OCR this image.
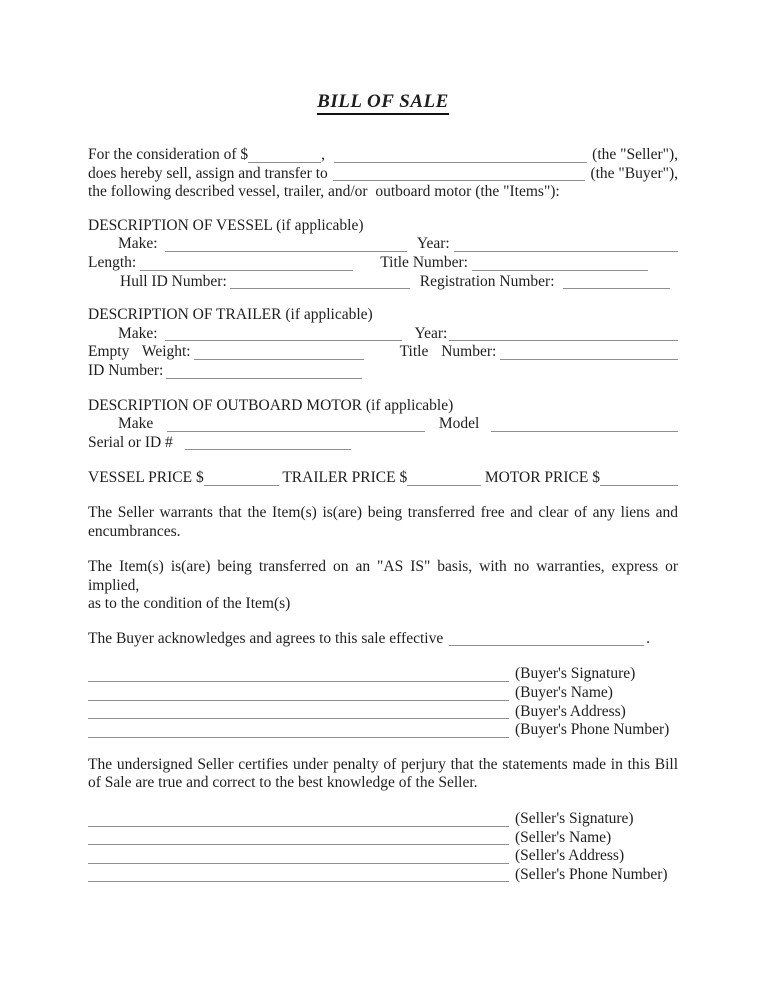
BILL OF SALE
For the consideration of $	,	(the "Seller"),
does hereby sell, assign and transfer to	(the "Buyer"),
the following described vessel, trailer, and/or  outboard motor (the "Items"):
DESCRIPTION OF VESSEL (if applicable)
Make:	Year:
Length:	Title Number:
Hull ID Number:	Registration Number:
DESCRIPTION OF TRAILER (if applicable)
Make:	Year:
Empty Weight:	Title Number:
ID Number:
DESCRIPTION OF OUTBOARD MOTOR (if applicable)
Make	Model
Serial or ID #
VESSEL PRICE $	TRAILER PRICE $	MOTOR PRICE $
The Seller warrants that the Item(s) is(are) being transferred free and clear of any liens and
encumbrances.
The Item(s) is(are) being transferred on an "AS IS" basis, with no warranties, express or implied,
as to the condition of the Item(s)
The Buyer acknowledges and agrees to this sale effective	.
(Buyer's Signature)
(Buyer's Name)
(Buyer's Address)
(Buyer's Phone Number)
The undersigned Seller certifies under penalty of perjury that the statements made in this Bill
of Sale are true and correct to the best knowledge of the Seller.
(Seller's Signature)
(Seller's Name)
(Seller's Address)
(Seller's Phone Number)
